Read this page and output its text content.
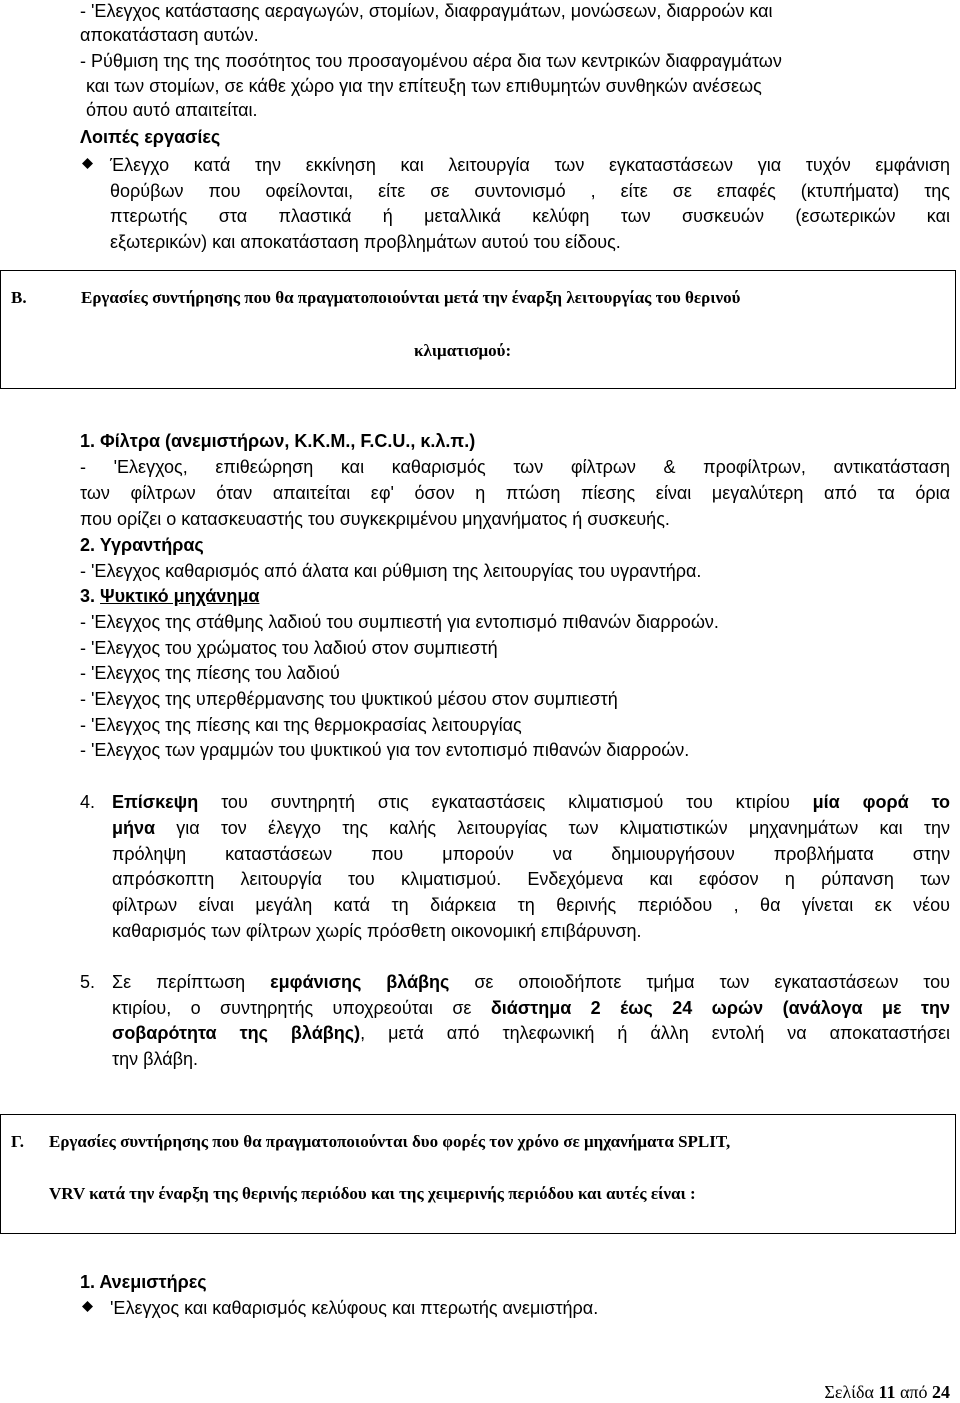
- 'Ελεγχος κατάστασης αεραγωγών, στομίων, διαφραγμάτων, μονώσεων, διαρροών και
αποκατάσταση αυτών.
- Ρύθμιση της της ποσότητος του προσαγομένου αέρα δια των κεντρικών διαφραγμάτων
και των στομίων, σε κάθε χώρο για την επίτευξη των επιθυμητών συνθηκών ανέσεως
όπου αυτό απαιτείται.
Λοιπές εργασίες
Έλεγχο κατά την εκκίνηση και λειτουργία των εγκαταστάσεων για τυχόν εμφάνιση
θορύβων που οφείλονται, είτε σε συντονισμό , είτε σε επαφές (κτυπήματα) της
πτερωτής στα πλαστικά ή μεταλλικά κελύφη των συσκευών (εσωτερικών και
εξωτερικών) και αποκατάσταση προβλημάτων αυτού του είδους.
Β.	Εργασίες συντήρησης που θα πραγματοποιούνται μετά την έναρξη λειτουργίας του θερινού
κλιματισμού:
1. Φίλτρα (ανεμιστήρων, Κ.Κ.Μ., F.C.U., κ.λ.π.)
- 'Ελεγχος, επιθεώρηση και καθαρισμός των φίλτρων & προφίλτρων, αντικατάσταση
των φίλτρων όταν απαιτείται εφ' όσον η πτώση πίεσης είναι μεγαλύτερη από τα όρια
που ορίζει ο κατασκευαστής του συγκεκριμένου μηχανήματος ή συσκευής.
2. Υγραντήρας
- 'Ελεγχος καθαρισμός από άλατα και ρύθμιση της λειτουργίας του υγραντήρα.
3. Ψυκτικό μηχάνημα
- 'Ελεγχος της στάθμης λαδιού του συμπιεστή για εντοπισμό πιθανών διαρροών.
- 'Ελεγχος του χρώματος του λαδιού στον συμπιεστή
- 'Ελεγχος της πίεσης του λαδιού
- 'Ελεγχος της υπερθέρμανσης του ψυκτικού μέσου στον συμπιεστή
- 'Ελεγχος της πίεσης και της θερμοκρασίας λειτουργίας
- 'Ελεγχος των γραμμών του ψυκτικού για τον εντοπισμό πιθανών διαρροών.
4. Επίσκεψη του συντηρητή στις εγκαταστάσεις κλιματισμού του κτιρίου μία φορά το
μήνα για τον έλεγχο της καλής λειτουργίας των κλιματιστικών μηχανημάτων και την
πρόληψη καταστάσεων που μπορούν να δημιουργήσουν προβλήματα στην
απρόσκοπτη λειτουργία του κλιματισμού. Ενδεχόμενα και εφόσον η ρύπανση των
φίλτρων είναι μεγάλη κατά τη διάρκεια τη θερινής περιόδου , θα γίνεται εκ νέου
καθαρισμός των φίλτρων χωρίς πρόσθετη οικονομική επιβάρυνση.
5. Σε περίπτωση εμφάνισης βλάβης σε οποιοδήποτε τμήμα των εγκαταστάσεων του
κτιρίου, ο συντηρητής υποχρεούται σε διάστημα 2 έως 24 ωρών (ανάλογα με την
σοβαρότητα της βλάβης), μετά από τηλεφωνική ή άλλη εντολή να αποκαταστήσει
την βλάβη.
Γ. Εργασίες συντήρησης που θα πραγματοποιούνται δυο φορές τον χρόνο σε μηχανήματα SPLIT,
VRV κατά την έναρξη της θερινής περιόδου και της χειμερινής περιόδου και αυτές είναι :
1. Ανεμιστήρες
'Ελεγχος και καθαρισμός κελύφους και πτερωτής ανεμιστήρα.
Σελίδα 11 από 24
